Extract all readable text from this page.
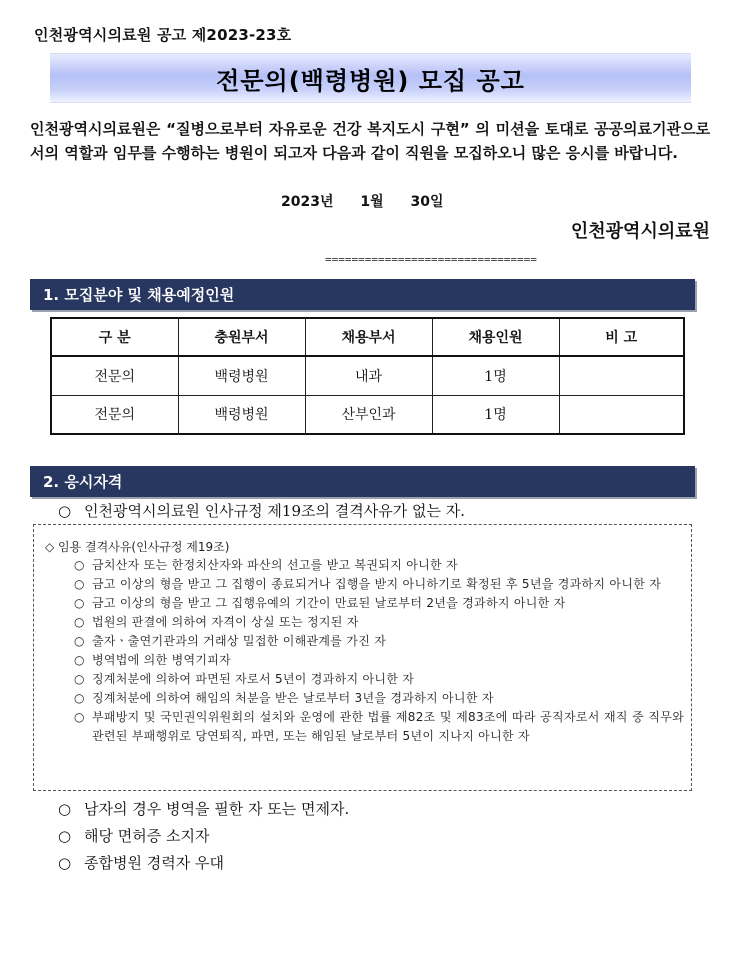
인천광역시의료원 공고 제2023-23호
전문의(백령병원) 모집 공고
인천광역시의료원은 “질병으로부터 자유로운 건강 복지도시 구현” 의 미션을 토대로 공공의료기관으로서의 역할과 임무를 수행하는 병원이 되고자 다음과 같이 직원을 모집하오니 많은 응시를 바랍니다.
2023년 1월 30일
인천광역시의료원
================================
1. 모집분야 및 채용예정인원
구 분	충원부서	채용부서	채용인원	비 고
전문의	백령병원	내과	1명	
전문의	백령병원	산부인과	1명	
2. 응시자격
○ 인천광역시의료원 인사규정 제19조의 결격사유가 없는 자.
◇ 임용 결격사유(인사규정 제19조)
○ 금치산자 또는 한정치산자와 파산의 선고를 받고 복권되지 아니한 자
○ 금고 이상의 형을 받고 그 집행이 종료되거나 집행을 받지 아니하기로 확정된 후 5년을 경과하지 아니한 자
○ 금고 이상의 형을 받고 그 집행유예의 기간이 만료된 날로부터 2년을 경과하지 아니한 자
○ 법원의 판결에 의하여 자격이 상실 또는 정지된 자
○ 출자ㆍ출연기관과의 거래상 밀접한 이해관계를 가진 자
○ 병역법에 의한 병역기피자
○ 징계처분에 의하여 파면된 자로서 5년이 경과하지 아니한 자
○ 징계처분에 의하여 해임의 처분을 받은 날로부터 3년을 경과하지 아니한 자
○ 부패방지 및 국민권익위원회의 설치와 운영에 관한 법률 제82조 및 제83조에 따라 공직자로서 재직 중 직무와 관련된 부패행위로 당연퇴직, 파면, 또는 해임된 날로부터 5년이 지나지 아니한 자
○ 남자의 경우 병역을 필한 자 또는 면제자.
○ 해당 면허증 소지자
○ 종합병원 경력자 우대
